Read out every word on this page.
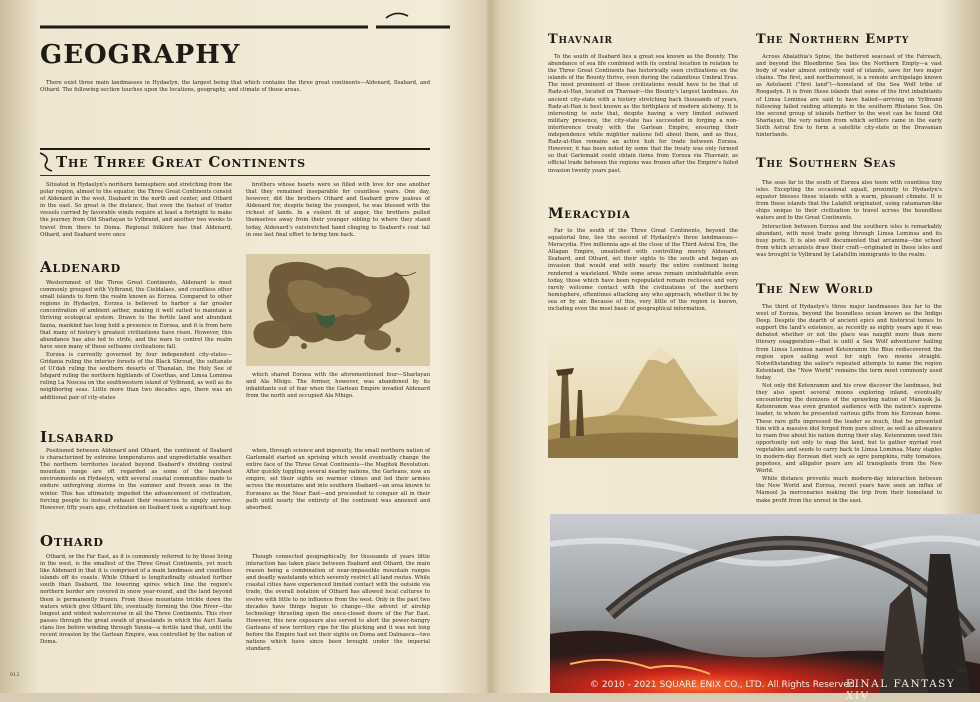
GEOGRAPHY

There exist three main landmasses in Hydaelyn, the largest being that which contains the three great continents—Aldenard, Ilsabard, and Othard. The following section touches upon the locations, geography, and climate of those areas.

The Three Great Continents

Situated in Hydaelyn's northern hemisphere and stretching from the polar region, almost to the equator, the Three Great Continents consist of Aldenard in the west, Ilsabard in the north and center, and Othard in the east. So great is the distance, that even the fastest of trader vessels carried by favorable winds require at least a fortnight to make the journey from Old Sharlayan to Vylbrand, and another two weeks to travel from there to Doma. Regional folklore has that Aldenard, Othard, and Ilsabard were once

brothers whose hearts were so filled with love for one another that they remained inseparable for countless years. One day, however, did the brothers Othard and Ilsabard grow jealous of Aldenard for, despite being the youngest, he was blessed with the richest of lands. In a violent fit of anger, the brothers pulled themselves away from their younger sibling to where they stand today, Aldenard's outstretched hand clinging to Ilsabard's coat tail in one last final effort to bring him back.

Aldenard

Westernmost of the Three Great Continents, Aldenard is most commonly grouped with Vylbrand, the Cieldalaes, and countless other small islands to form the realm known as Eorzea. Compared to other regions in Hydaelyn, Eorzea is believed to harbor a far greater concentration of ambient aether, making it well suited to maintain a thriving ecological system. Drawn to the fertile land and abundant fauna, mankind has long held a presence in Eorzea, and it is from here that many of history's greatest civilizations have risen. However, this abundance has also led to strife, and the wars to control the realm have seen many of those selfsame civilizations fall.

Eorzea is currently governed by four independent city-states—Gridania ruling the interior forests of the Black Shroud, the sultanate of Ul'dah ruling the southern deserts of Thanalan, the Holy See of Ishgard ruling the northern highlands of Coerthas, and Limsa Lominsa ruling La Noscea on the southwestern island of Vylbrand, as well as its neighboring seas. Little more than two decades ago, there was an additional pair of city-states

which shared Eorzea with the aforementioned four—Sharlayan and Ala Mhigo. The former, however, was abandoned by its inhabitants out of fear when the Garlean Empire invaded Aldenard from the north and occupied Ala Mhigo.

Ilsabard

Positioned between Aldenard and Othard, the continent of Ilsabard is characterized by extreme temperatures and unpredictable weather. The northern territories located beyond Ilsabard's dividing central mountain range are oft regarded as some of the harshest environments on Hydaelyn, with several coastal communities made to endure unforgiving storms in the summer and frozen seas in the winter. This has ultimately impeded the advancement of civilization, forcing people to instead exhaust their resources to simply survive. However, fifty years ago, civilization on Ilsabard took a significant leap

when, through science and ingenuity, the small northern nation of Garlemald started an uprising which would eventually change the entire face of the Three Great Continents—the Magitek Revolution. After quickly toppling several nearby nations, the Garleans, now an empire, set their sights on warmer climes and led their armies across the mountains and into southern Ilsabard—an area known to Eorzeans as the Near East—and proceeded to conquer all in their path until nearly the entirety of the continent was annexed and absorbed.

Othard

Othard, or the Far East, as it is commonly referred to by those living in the west, is the smallest of the Three Great Continents, yet much like Aldenard in that it is comprised of a main landmass and countless islands off its coasts. While Othard is longitudinally situated further south than Ilsabard, the towering spires which line the region's northern border are covered in snow year-round, and the land beyond them is permanently frozen. From these mountains trickle down the waters which give Othard life, eventually forming the One River—the longest and widest watercourse in all the Three Continents. This river passes through the great swath of grasslands in which the Auri Xaela clans live before winding through Yanxia—a fertile land that, until the recent invasion by the Garlean Empire, was controlled by the nation of Doma.

Though connected geographically, for thousands of years little interaction has taken place between Ilsabard and Othard, the main reason being a combination of near-impassible mountain ranges and deadly wastelands which severely restrict all land routes. While coastal cities have experienced limited contact with the outside via trade, the overall isolation of Othard has allowed local cultures to evolve with little to no influence from the west. Only in the past two decades have things begun to change—the advent of airship technology thrusting open the once-closed doors of the Far East. However, this new exposure also served to alert the power-hungry Garleans of new territory ripe for the plucking and it was not long before the Empire had set their sights on Doma and Dalmasca—two nations which have since been brought under the imperial standard.

012
Thavnair

To the south of Ilsabard lies a great sea known as the Bounty. The abundance of sea life combined with its central location in relation to the Three Great Continents has historically seen civilizations on the islands of the Bounty thrive, even during the calamitous Umbral Eras. The most prominent of those civilizations would have to be that of Radz-at-Han, located on Thavnair—the Bounty's largest landmass. An ancient city-state with a history stretching back thousands of years, Radz-at-Han is best known as the birthplace of modern alchemy. It is interesting to note that, despite having a very limited outward military presence, the city-state has succeeded in forging a non-interference treaty with the Garlean Empire, ensuring their independence while mightier nations fell about them, and as thus, Radz-at-Han remains an active hub for trade between Eorzea. However, it has been noted by some that the treaty was only formed so that Garlemald could obtain items from Eorzea via Thavnair, as official trade between the regions was frozen after the Empire's failed invasion twenty years past.

Meracydia

Far to the south of the Three Great Continents, beyond the equatorial line, lies the second of Hydaelyn's three landmasses—Meracydia. Five millennia ago at the close of the Third Astral Era, the Allagan Empire, unsatisfied with controlling merely Aldenard, Ilsabard, and Othard, set their sights to the south and began an invasion that would end with nearly the entire continent being rendered a wasteland. While some areas remain uninhabitable even today, those which have been repopulated remain reclusive and very rarely welcome contact with the civilizations of the northern hemisphere, oftentimes attacking any who approach, whether it be by sea or by air. Because of this, very little of the region is known, including even the most basic of geographical information.

The Northern Empty

Across Abalathia's Spine, the battered seacoast of the Fatreach, and beyond the Bloodbrine Sea lies the Northern Empty—a vast body of water almost entirely void of islands, save for two major chains. The first, and northernmost, is a remote archipelago known as Aetolaent ("first land")—homeland of the Sea Wolf tribe of Roegadyn. It is from these islands that some of the first inhabitants of Limsa Lominsa are said to have hailed—arriving on Vylbrand following failed raiding attempts in the southern Rhotano Sea. On the second group of islands further to the west can be found Old Sharlayan, the very nation from which settlers came in the early Sixth Astral Era to form a satellite city-state in the Dravanian hinterlands.

The Southern Seas

The seas far to the south of Eorzea also teem with countless tiny isles. Excepting the occasional squall, proximity to Hydaelyn's equator blesses these islands with a warm, pleasant climate. It is from these islands that the Lalafell originated, using catamaran-like ships unique to their civilization to travel across the boundless waters and to the Great Continents.

Interaction between Eorzea and the southern isles is remarkably abundant, with most trade going through Limsa Lominsa and its busy ports. It is also well documented that arcanima—the school from which arcanists draw their craft—originated in these isles and was brought to Vylbrand by Lalafellin immigrants to the realm.

The New World

The third of Hydaelyn's three major landmasses lies far to the west of Eorzea, beyond the boundless ocean known as the Indigo Deep. Despite the dearth of ancient epics and historical tomes to support the land's existence, as recently as eighty years ago it was debated whether or not the place was naught more than mere literary exaggeration—that is until a Sea Wolf adventurer hailing from Limsa Lominsa named Ketenramm the Blue rediscovered the region upon sailing west for nigh two moons straight. Notwithstanding the sailor's repeated attempts to name the region Ketenland, the "New World" remains the term most commonly used today.

Not only did Ketenramm and his crew discover the landmass, but they also spent several moons exploring inland, eventually encountering the denizens of the sprawling nation of Mamook Ja. Ketenramm was even granted audience with the nation's supreme leader, to whom he presented various gifts from his Eorzean home. These rare gifts impressed the leader so much, that he presented him with a massive idol forged from pure silver, as well as allowance to roam free about his nation during their stay. Ketenramm used this opportunity not only to map the land, but to gather myriad root vegetables and seeds to carry back to Limsa Lominsa. Many staples in modern-day Eorzean diet such as ogre pumpkins, ruby tomatoes, popotoes, and alligator pears are all transplants from the New World.

While distance prevents much modern-day interaction between the New World and Eorzea, recent years have seen an influx of Mamool Ja mercenaries making the trip from their homeland to make profit from the unrest in the east.

© 2010 - 2021 SQUARE ENIX CO., LTD. All Rights Reserved.
FINAL FANTASY XIV
013
